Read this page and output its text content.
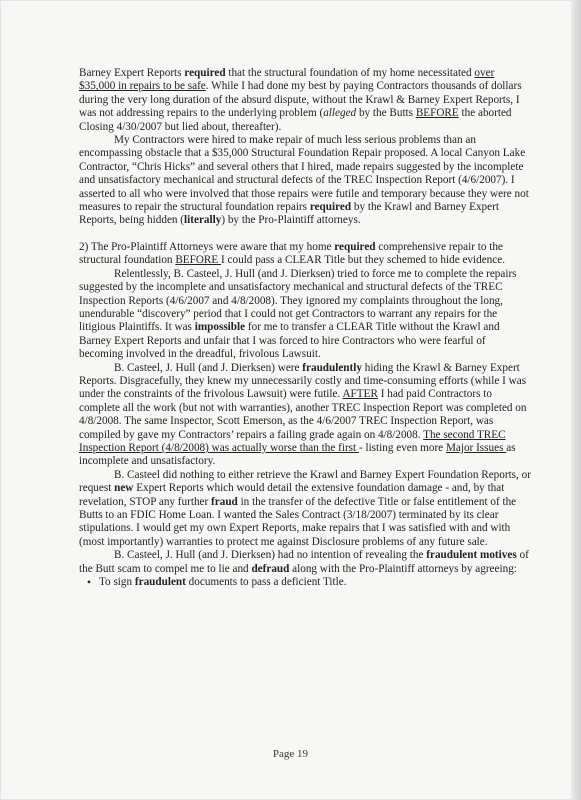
Barney Expert Reports required that the structural foundation of my home necessitated over $35,000 in repairs to be safe. While I had done my best by paying Contractors thousands of dollars during the very long duration of the absurd dispute, without the Krawl & Barney Expert Reports, I was not addressing repairs to the underlying problem (alleged by the Butts BEFORE the aborted Closing 4/30/2007 but lied about, thereafter).

My Contractors were hired to make repair of much less serious problems than an encompassing obstacle that a $35,000 Structural Foundation Repair proposed. A local Canyon Lake Contractor, “Chris Hicks” and several others that I hired, made repairs suggested by the incomplete and unsatisfactory mechanical and structural defects of the TREC Inspection Report (4/6/2007). I asserted to all who were involved that those repairs were futile and temporary because they were not measures to repair the structural foundation repairs required by the Krawl and Barney Expert Reports, being hidden (literally) by the Pro-Plaintiff attorneys.

2) The Pro-Plaintiff Attorneys were aware that my home required comprehensive repair to the structural foundation BEFORE I could pass a CLEAR Title but they schemed to hide evidence.

Relentlessly, B. Casteel, J. Hull (and J. Dierksen) tried to force me to complete the repairs suggested by the incomplete and unsatisfactory mechanical and structural defects of the TREC Inspection Reports (4/6/2007 and 4/8/2008). They ignored my complaints throughout the long, unendurable “discovery” period that I could not get Contractors to warrant any repairs for the litigious Plaintiffs. It was impossible for me to transfer a CLEAR Title without the Krawl and Barney Expert Reports and unfair that I was forced to hire Contractors who were fearful of becoming involved in the dreadful, frivolous Lawsuit.

B. Casteel, J. Hull (and J. Dierksen) were fraudulently hiding the Krawl & Barney Expert Reports. Disgracefully, they knew my unnecessarily costly and time-consuming efforts (while I was under the constraints of the frivolous Lawsuit) were futile. AFTER I had paid Contractors to complete all the work (but not with warranties), another TREC Inspection Report was completed on 4/8/2008. The same Inspector, Scott Emerson, as the 4/6/2007 TREC Inspection Report, was compiled by gave my Contractors’ repairs a failing grade again on 4/8/2008. The second TREC Inspection Report (4/8/2008) was actually worse than the first - listing even more Major Issues as incomplete and unsatisfactory.

B. Casteel did nothing to either retrieve the Krawl and Barney Expert Foundation Reports, or request new Expert Reports which would detail the extensive foundation damage - and, by that revelation, STOP any further fraud in the transfer of the defective Title or false entitlement of the Butts to an FDIC Home Loan. I wanted the Sales Contract (3/18/2007) terminated by its clear stipulations. I would get my own Expert Reports, make repairs that I was satisfied with and with (most importantly) warranties to protect me against Disclosure problems of any future sale.

B. Casteel, J. Hull (and J. Dierksen) had no intention of revealing the fraudulent motives of the Butt scam to compel me to lie and defraud along with the Pro-Plaintiff attorneys by agreeing:

• To sign fraudulent documents to pass a deficient Title.
Page 19
